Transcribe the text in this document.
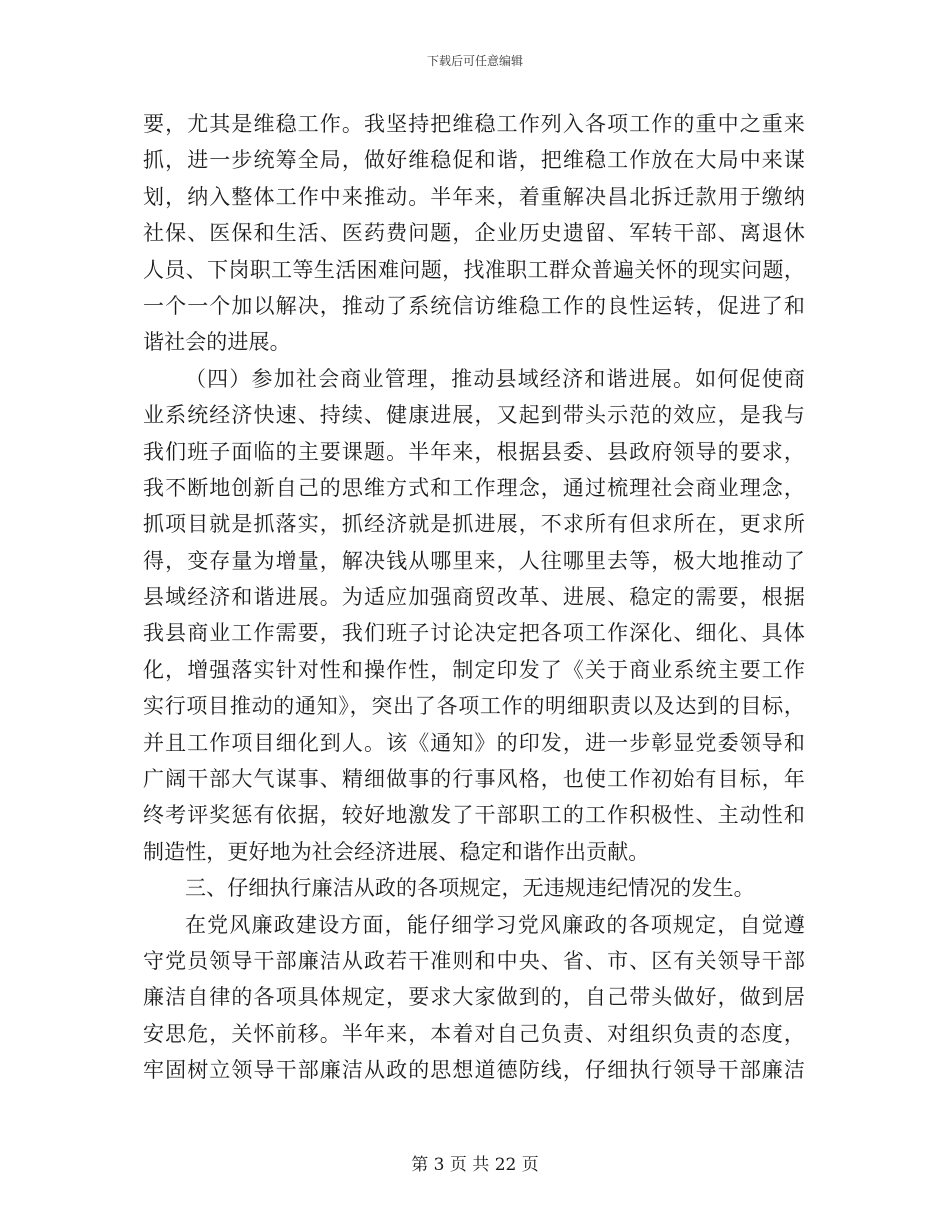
下载后可任意编辑
要，尤其是维稳工作。我坚持把维稳工作列入各项工作的重中之重来
抓，进一步统筹全局，做好维稳促和谐，把维稳工作放在大局中来谋
划，纳入整体工作中来推动。半年来，着重解决昌北拆迁款用于缴纳
社保、医保和生活、医药费问题，企业历史遗留、军转干部、离退休
人员、下岗职工等生活困难问题，找准职工群众普遍关怀的现实问题，
一个一个加以解决，推动了系统信访维稳工作的良性运转，促进了和
谐社会的进展。
（四）参加社会商业管理，推动县域经济和谐进展。如何促使商
业系统经济快速、持续、健康进展，又起到带头示范的效应，是我与
我们班子面临的主要课题。半年来，根据县委、县政府领导的要求，
我不断地创新自己的思维方式和工作理念，通过梳理社会商业理念，
抓项目就是抓落实，抓经济就是抓进展，不求所有但求所在，更求所
得，变存量为增量，解决钱从哪里来，人往哪里去等，极大地推动了
县域经济和谐进展。为适应加强商贸改革、进展、稳定的需要，根据
我县商业工作需要，我们班子讨论决定把各项工作深化、细化、具体
化，增强落实针对性和操作性，制定印发了《关于商业系统主要工作
实行项目推动的通知》，突出了各项工作的明细职责以及达到的目标，
并且工作项目细化到人。该《通知》的印发，进一步彰显党委领导和
广阔干部大气谋事、精细做事的行事风格，也使工作初始有目标，年
终考评奖惩有依据，较好地激发了干部职工的工作积极性、主动性和
制造性，更好地为社会经济进展、稳定和谐作出贡献。
三、仔细执行廉洁从政的各项规定，无违规违纪情况的发生。
在党风廉政建设方面，能仔细学习党风廉政的各项规定，自觉遵
守党员领导干部廉洁从政若干准则和中央、省、市、区有关领导干部
廉洁自律的各项具体规定，要求大家做到的，自己带头做好，做到居
安思危，关怀前移。半年来，本着对自己负责、对组织负责的态度，
牢固树立领导干部廉洁从政的思想道德防线，仔细执行领导干部廉洁
第 3 页 共 22 页
